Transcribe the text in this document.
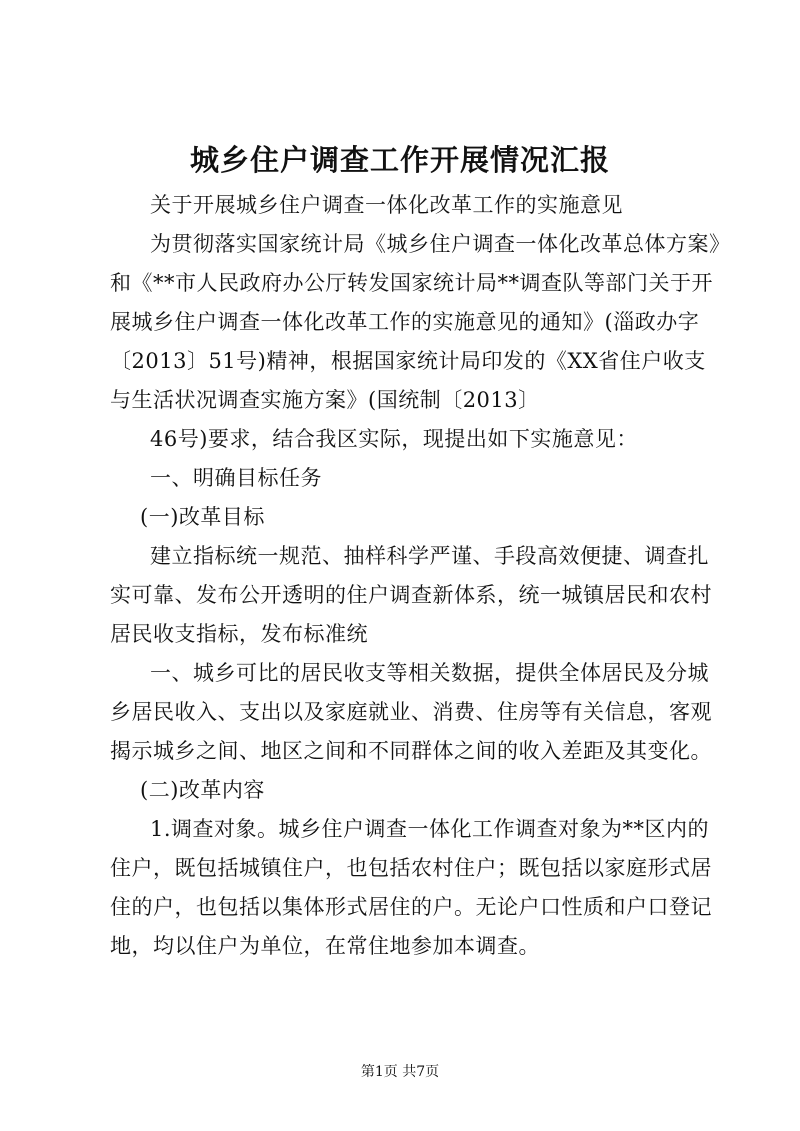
城乡住户调查工作开展情况汇报
关于开展城乡住户调查一体化改革工作的实施意见
为贯彻落实国家统计局《城乡住户调查一体化改革总体方案》
和《**市人民政府办公厅转发国家统计局**调查队等部门关于开
展城乡住户调查一体化改革工作的实施意见的通知》(淄政办字
〔2013〕51号)精神，根据国家统计局印发的《XX省住户收支
与生活状况调查实施方案》(国统制〔2013〕
46号)要求，结合我区实际，现提出如下实施意见：
一、明确目标任务
(一)改革目标
建立指标统一规范、抽样科学严谨、手段高效便捷、调查扎
实可靠、发布公开透明的住户调查新体系，统一城镇居民和农村
居民收支指标，发布标准统
一、城乡可比的居民收支等相关数据，提供全体居民及分城
乡居民收入、支出以及家庭就业、消费、住房等有关信息，客观
揭示城乡之间、地区之间和不同群体之间的收入差距及其变化。
(二)改革内容
1.调查对象。城乡住户调查一体化工作调查对象为**区内的
住户，既包括城镇住户，也包括农村住户；既包括以家庭形式居
住的户，也包括以集体形式居住的户。无论户口性质和户口登记
地，均以住户为单位，在常住地参加本调查。
第1页 共7页
